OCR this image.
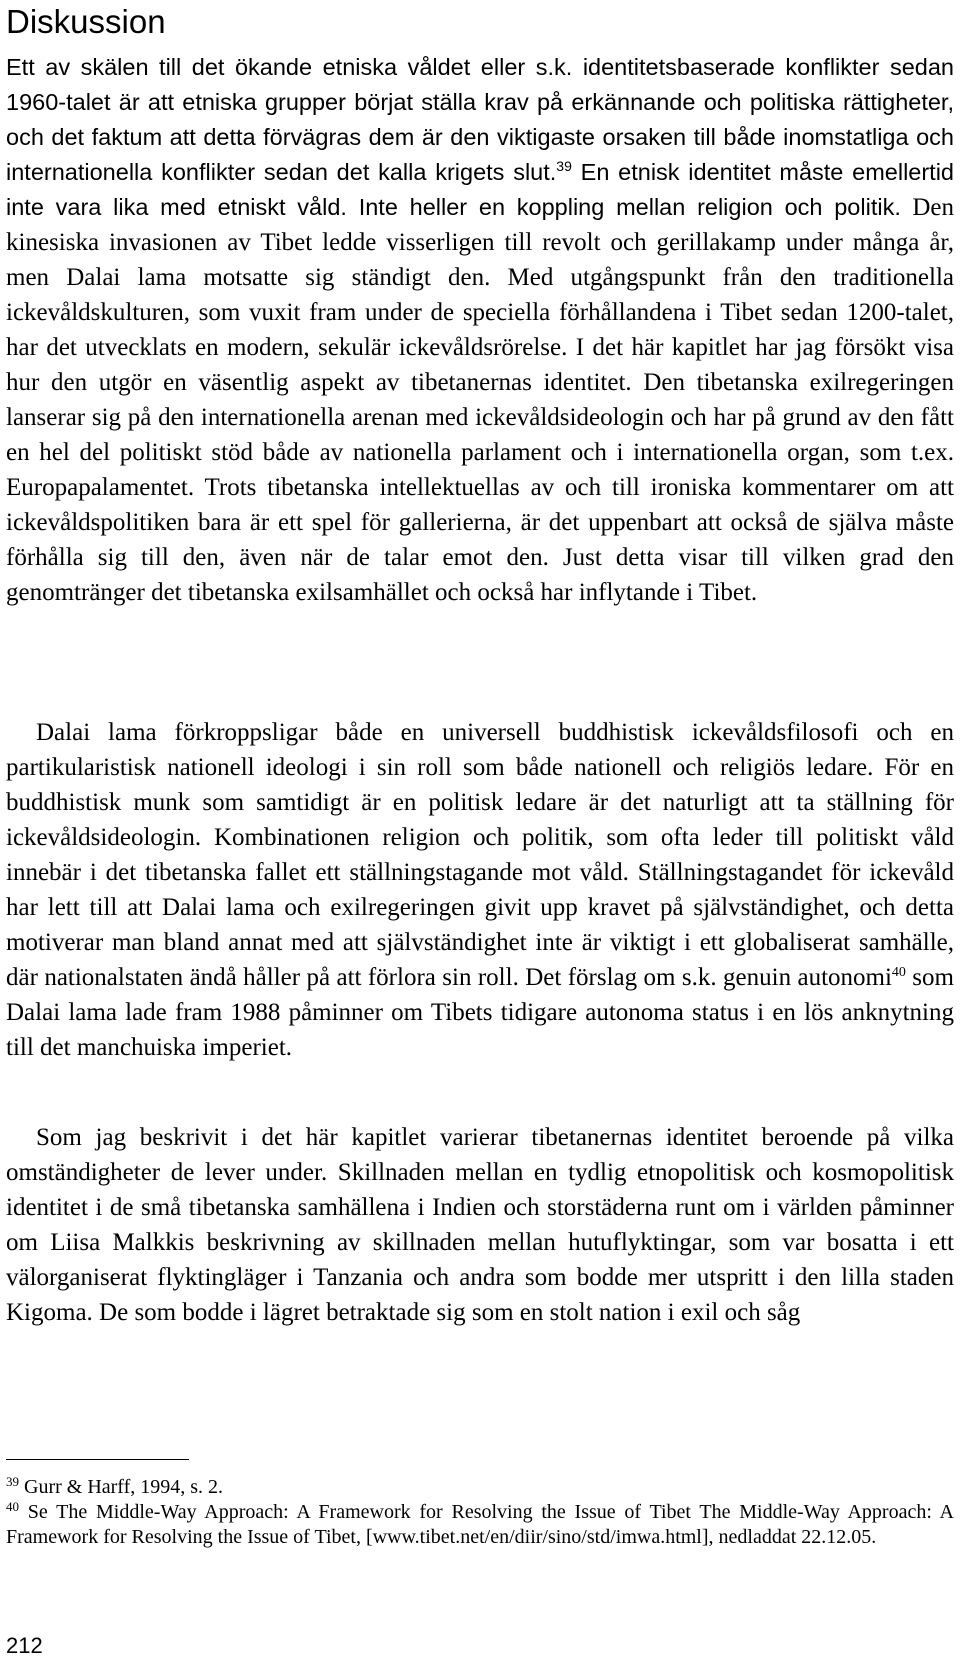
Diskussion

Ett av skälen till det ökande etniska våldet eller s.k. identitetsbaserade konflikter sedan 1960-talet är att etniska grupper börjat ställa krav på erkännande och politiska rättigheter, och det faktum att detta förvägras dem är den viktigaste orsaken till både inomstatliga och internationella konflikter sedan det kalla krigets slut.$^{39}$ En etnisk identitet måste emellertid inte vara lika med etniskt våld. Inte heller en koppling mellan religion och politik. Den kinesiska invasionen av Tibet ledde visserligen till revolt och gerillakamp under många år, men Dalai lama motsatte sig ständigt den. Med utgångspunkt från den traditionella ickevåldskulturen, som vuxit fram under de speciella förhållandena i Tibet sedan 1200-talet, har det utvecklats en modern, sekulär ickevåldsrörelse. I det här kapitlet har jag försökt visa hur den utgör en väsentlig aspekt av tibetanernas identitet. Den tibetanska exilregeringen lanserar sig på den internationella arenan med ickevåldsideologin och har på grund av den fått en hel del politiskt stöd både av nationella parlament och i internationella organ, som t.ex. Europapalamentet. Trots tibetanska intellektuellas av och till ironiska kommentarer om att ickevåldspolitiken bara är ett spel för gallerierna, är det uppenbart att också de själva måste förhålla sig till den, även när de talar emot den. Just detta visar till vilken grad den genomtränger det tibetanska exilsamhället och också har inflytande i Tibet.

Dalai lama förkroppsligar både en universell buddhistisk ickevåldsfilosofi och en partikularistisk nationell ideologi i sin roll som både nationell och religiös ledare. För en buddhistisk munk som samtidigt är en politisk ledare är det naturligt att ta ställning för ickevåldsideologin. Kombinationen religion och politik, som ofta leder till politiskt våld innebär i det tibetanska fallet ett ställningstagande mot våld. Ställningstagandet för ickevåld har lett till att Dalai lama och exilregeringen givit upp kravet på självständighet, och detta motiverar man bland annat med att självständighet inte är viktigt i ett globaliserat samhälle, där nationalstaten ändå håller på att förlora sin roll. Det förslag om s.k. genuin autonomi$^{40}$ som Dalai lama lade fram 1988 påminner om Tibets tidigare autonoma status i en lös anknytning till det manchuiska imperiet.

Som jag beskrivit i det här kapitlet varierar tibetanernas identitet beroende på vilka omständigheter de lever under. Skillnaden mellan en tydlig etnopolitisk och kosmopolitisk identitet i de små tibetanska samhällena i Indien och storstäderna runt om i världen påminner om Liisa Malkkis beskrivning av skillnaden mellan hutuflyktingar, som var bosatta i ett välorganiserat flyktingläger i Tanzania och andra som bodde mer utspritt i den lilla staden Kigoma. De som bodde i lägret betraktade sig som en stolt nation i exil och såg

$^{39}$ Gurr & Harff, 1994, s. 2.

$^{40}$ Se The Middle-Way Approach: A Framework for Resolving the Issue of Tibet The Middle-Way Approach: A Framework for Resolving the Issue of Tibet, [www.tibet.net/en/diir/sino/std/imwa.html], nedladdat 22.12.05.

212
